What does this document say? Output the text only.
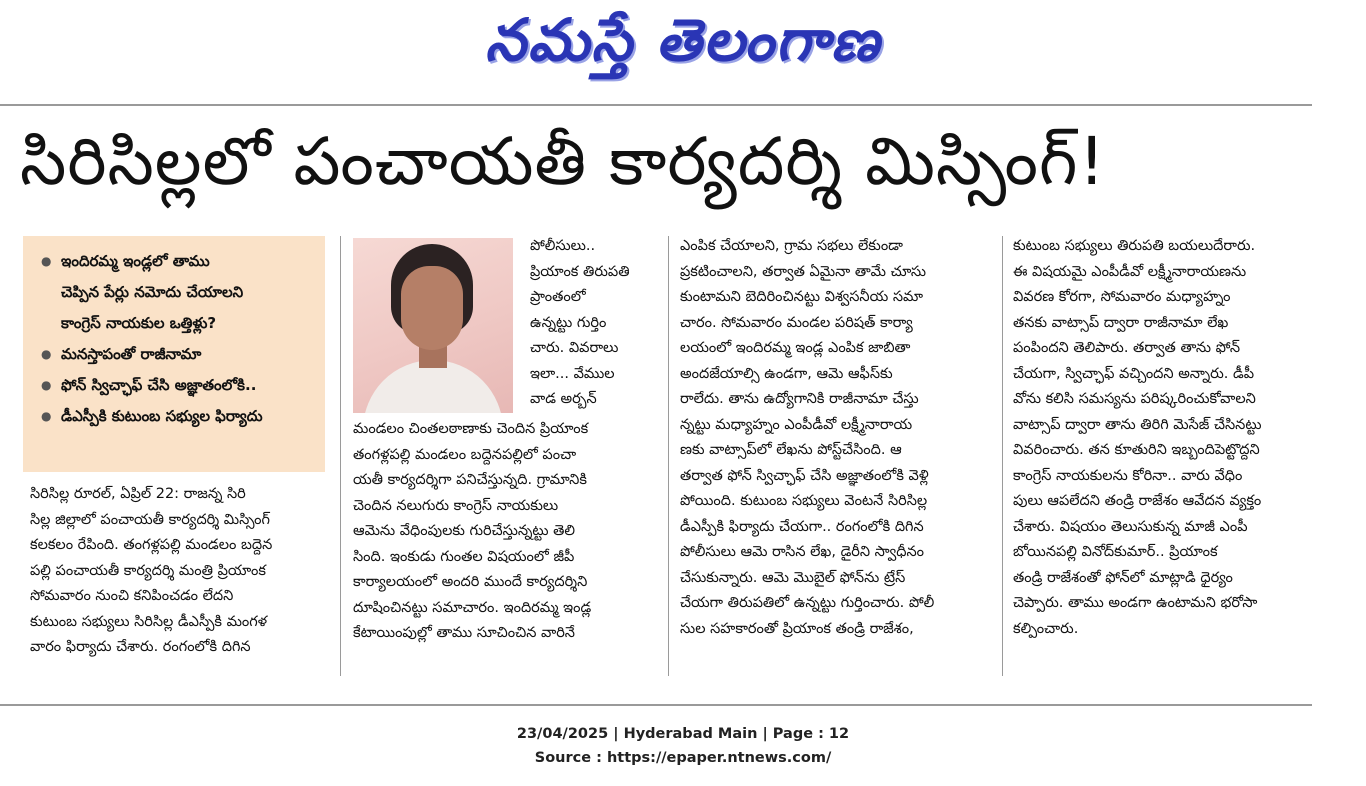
నమస్తే తెలంగాణ
సిరిసిల్లలో పంచాయతీ కార్యదర్శి మిస్సింగ్!
● ఇందిరమ్మ ఇండ్లలో తాము
చెప్పిన పేర్లు నమోదు చేయాలని
కాంగ్రెస్ నాయకుల ఒత్తిళ్లు?
● మనస్తాపంతో రాజీనామా
● ఫోన్ స్విచ్ఛాఫ్ చేసి అజ్ఞాతంలోకి..
● డీఎస్పీకి కుటుంబ సభ్యుల ఫిర్యాదు

సిరిసిల్ల రూరల్, ఏప్రిల్ 22: రాజన్న సిరి

సిల్ల జిల్లాలో పంచాయతీ కార్యదర్శి మిస్సింగ్

కలకలం రేపింది. తంగళ్లపల్లి మండలం బద్దెన

పల్లి పంచాయతీ కార్యదర్శి మంత్రి ప్రియాంక

సోమవారం నుంచి కనిపించడం లేదని

కుటుంబ సభ్యులు సిరిసిల్ల డీఎస్పీకి మంగళ

వారం ఫిర్యాదు చేశారు. రంగంలోకి దిగిన

పోలీసులు..

ప్రియాంక తిరుపతి

ప్రాంతంలో

ఉన్నట్టు గుర్తిం

చారు. వివరాలు

ఇలా... వేముల

వాడ అర్బన్

మండలం చింతలఠాణాకు చెందిన ప్రియాంక

తంగళ్లపల్లి మండలం బద్దెనపల్లిలో పంచా

యతీ కార్యదర్శిగా పనిచేస్తున్నది. గ్రామానికి

చెందిన నలుగురు కాంగ్రెస్ నాయకులు

ఆమెను వేధింపులకు గురిచేస్తున్నట్టు తెలి

సింది. ఇంకుడు గుంతల విషయంలో జీపీ

కార్యాలయంలో అందరి ముందే కార్యదర్శిని

దూషించినట్టు సమాచారం. ఇందిరమ్మ ఇండ్ల

కేటాయింపుల్లో తాము సూచించిన వారినే

ఎంపిక చేయాలని, గ్రామ సభలు లేకుండా

ప్రకటించాలని, తర్వాత ఏమైనా తామే చూసు

కుంటామని బెదిరించినట్టు విశ్వసనీయ సమా

చారం. సోమవారం మండల పరిషత్ కార్యా

లయంలో ఇందిరమ్మ ఇండ్ల ఎంపిక జాబితా

అందజేయాల్సి ఉండగా, ఆమె ఆఫీస్‌కు

రాలేదు. తాను ఉద్యోగానికి రాజీనామా చేస్తు

న్నట్టు మధ్యాహ్నం ఎంపీడీవో లక్ష్మీనారాయ

ణకు వాట్సాప్‌లో లేఖను పోస్ట్‌చేసింది. ఆ

తర్వాత ఫోన్ స్విచ్ఛాఫ్ చేసి అజ్ఞాతంలోకి వెళ్లి

పోయింది. కుటుంబ సభ్యులు వెంటనే సిరిసిల్ల

డీఎస్పీకి ఫిర్యాదు చేయగా.. రంగంలోకి దిగిన

పోలీసులు ఆమె రాసిన లేఖ, డైరీని స్వాధీనం

చేసుకున్నారు. ఆమె మొబైల్ ఫోన్‌ను ట్రేస్

చేయగా తిరుపతిలో ఉన్నట్టు గుర్తించారు. పోలీ

సుల సహకారంతో ప్రియాంక తండ్రి రాజేశం,

కుటుంబ సభ్యులు తిరుపతి బయలుదేరారు.

ఈ విషయమై ఎంపీడీవో లక్ష్మీనారాయణను

వివరణ కోరగా, సోమవారం మధ్యాహ్నం

తనకు వాట్సాప్ ద్వారా రాజీనామా లేఖ

పంపిందని తెలిపారు. తర్వాత తాను ఫోన్

చేయగా, స్విచ్ఛాఫ్ వచ్చిందని అన్నారు. డీపీ

వోను కలిసి సమస్యను పరిష్కరించుకోవాలని

వాట్సాప్ ద్వారా తాను తిరిగి మెసేజ్ చేసినట్టు

వివరించారు. తన కూతురిని ఇబ్బందిపెట్టొద్దని

కాంగ్రెస్ నాయకులను కోరినా.. వారు వేధిం

పులు ఆపలేదని తండ్రి రాజేశం ఆవేదన వ్యక్తం

చేశారు. విషయం తెలుసుకున్న మాజీ ఎంపీ

బోయినపల్లి వినోద్‌కుమార్.. ప్రియాంక

తండ్రి రాజేశంతో ఫోన్‌లో మాట్లాడి ధైర్యం

చెప్పారు. తాము అండగా ఉంటామని భరోసా

కల్పించారు.

23/04/2025 | Hyderabad Main | Page : 12
Source : https://epaper.ntnews.com/
